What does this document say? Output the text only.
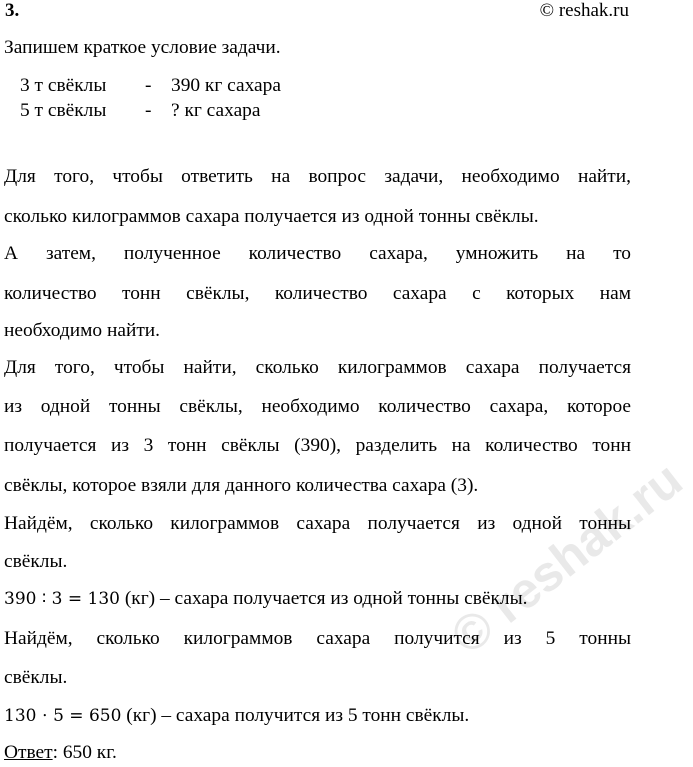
© reshak.ru
3.	© reshak.ru
Запишем краткое условие задачи.
3 т свёклы - 390 кг сахара
5 т свёклы - ? кг сахара
Для того, чтобы ответить на вопрос задачи, необходимо найти,
сколько килограммов сахара получается из одной тонны свёклы.
А затем, полученное количество сахара, умножить на то
количество тонн свёклы, количество сахара с которых нам
необходимо найти.
Для того, чтобы найти, сколько килограммов сахара получается
из одной тонны свёклы, необходимо количество сахара, которое
получается из 3 тонн свёклы (390), разделить на количество тонн
свёклы, которое взяли для данного количества сахара (3).
Найдём, сколько килограммов сахара получается из одной тонны
свёклы.
390 ∶ 3 = 130 (кг) – сахара получается из одной тонны свёклы.
Найдём, сколько килограммов сахара получится из 5 тонны
свёклы.
130 ⋅ 5 = 650 (кг) – сахара получится из 5 тонн свёклы.
Ответ: 650 кг.
